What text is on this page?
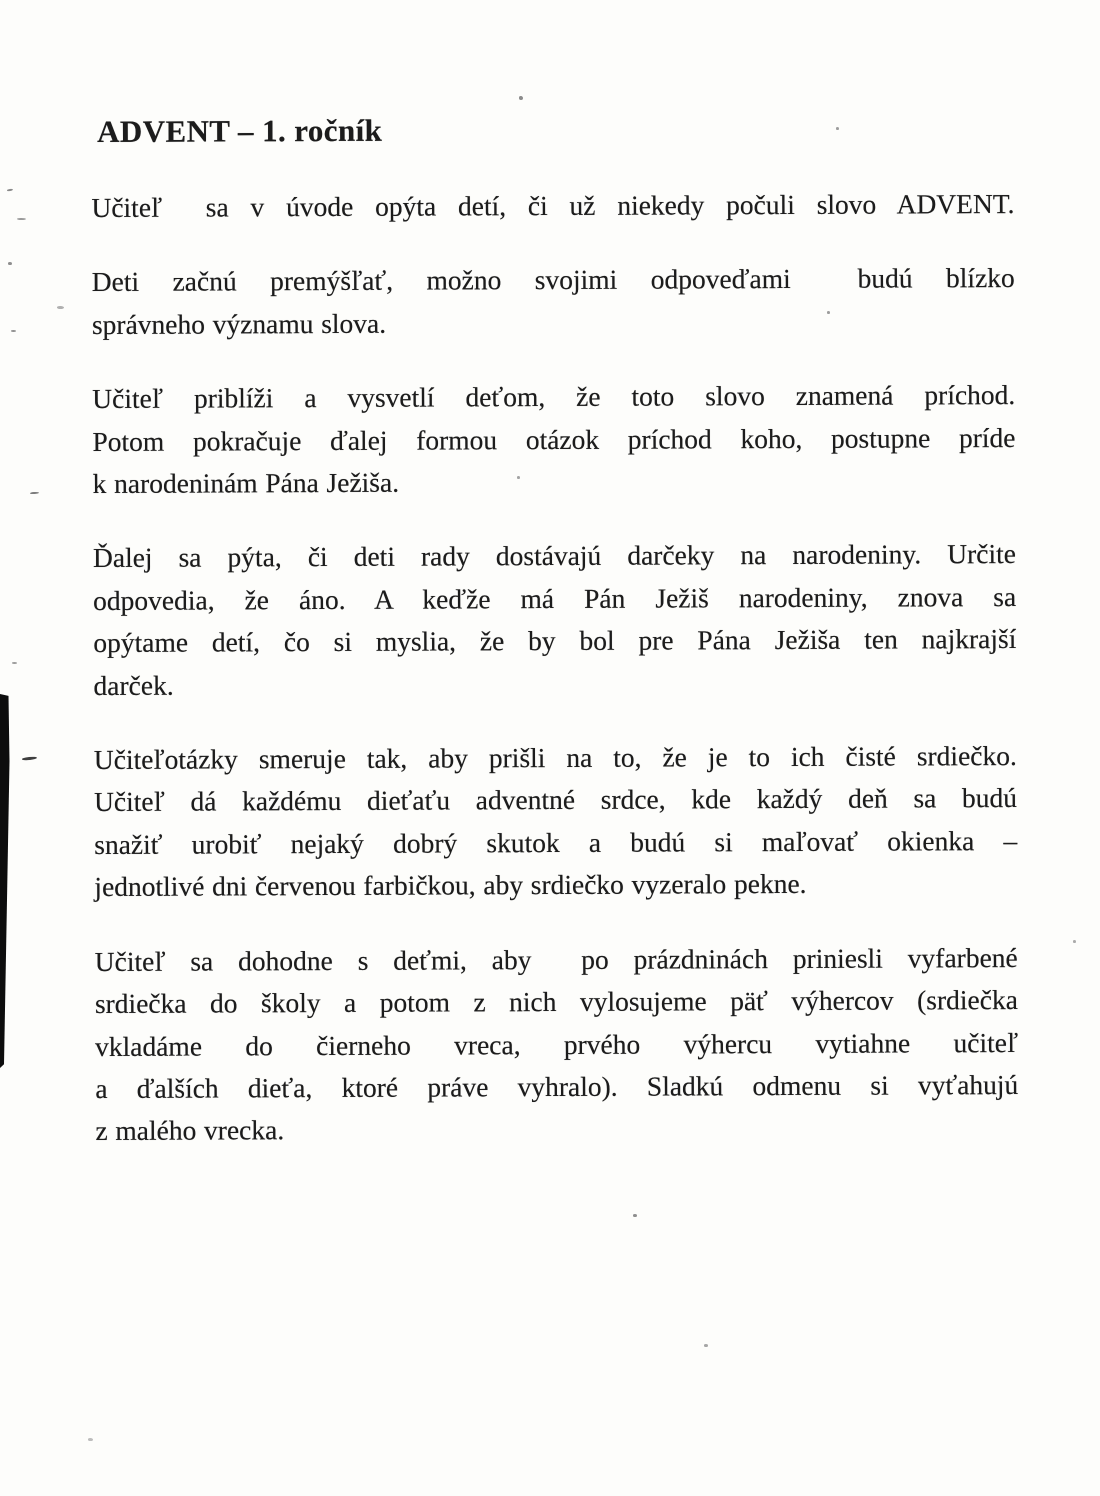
ADVENT – 1. ročník
Učiteľ  sa v úvode opýta detí, či už niekedy počuli slovo ADVENT.
Deti začnú premýšľať, možno svojimi odpoveďami  budú blízko
správneho významu slova.
Učiteľ priblíži a vysvetlí deťom, že toto slovo znamená príchod.
Potom pokračuje ďalej formou otázok príchod koho, postupne príde
k narodeninám Pána Ježiša.
Ďalej sa pýta, či deti rady dostávajú darčeky na narodeniny. Určite
odpovedia, že áno. A keďže má Pán Ježiš narodeniny, znova sa
opýtame detí, čo si myslia, že by bol pre Pána Ježiša ten najkrajší
darček.
Učiteľotázky smeruje tak, aby prišli na to, že je to ich čisté srdiečko.
Učiteľ dá každému dieťaťu adventné srdce, kde každý deň sa budú
snažiť urobiť nejaký dobrý skutok a budú si maľovať okienka –
jednotlivé dni červenou farbičkou, aby srdiečko vyzeralo pekne.
Učiteľ sa dohodne s deťmi, aby  po prázdninách priniesli vyfarbené
srdiečka do školy a potom z nich vylosujeme päť výhercov (srdiečka
vkladáme do čierneho vreca, prvého výhercu vytiahne učiteľ
a ďalších dieťa, ktoré práve vyhralo). Sladkú odmenu si vyťahujú
z malého vrecka.
